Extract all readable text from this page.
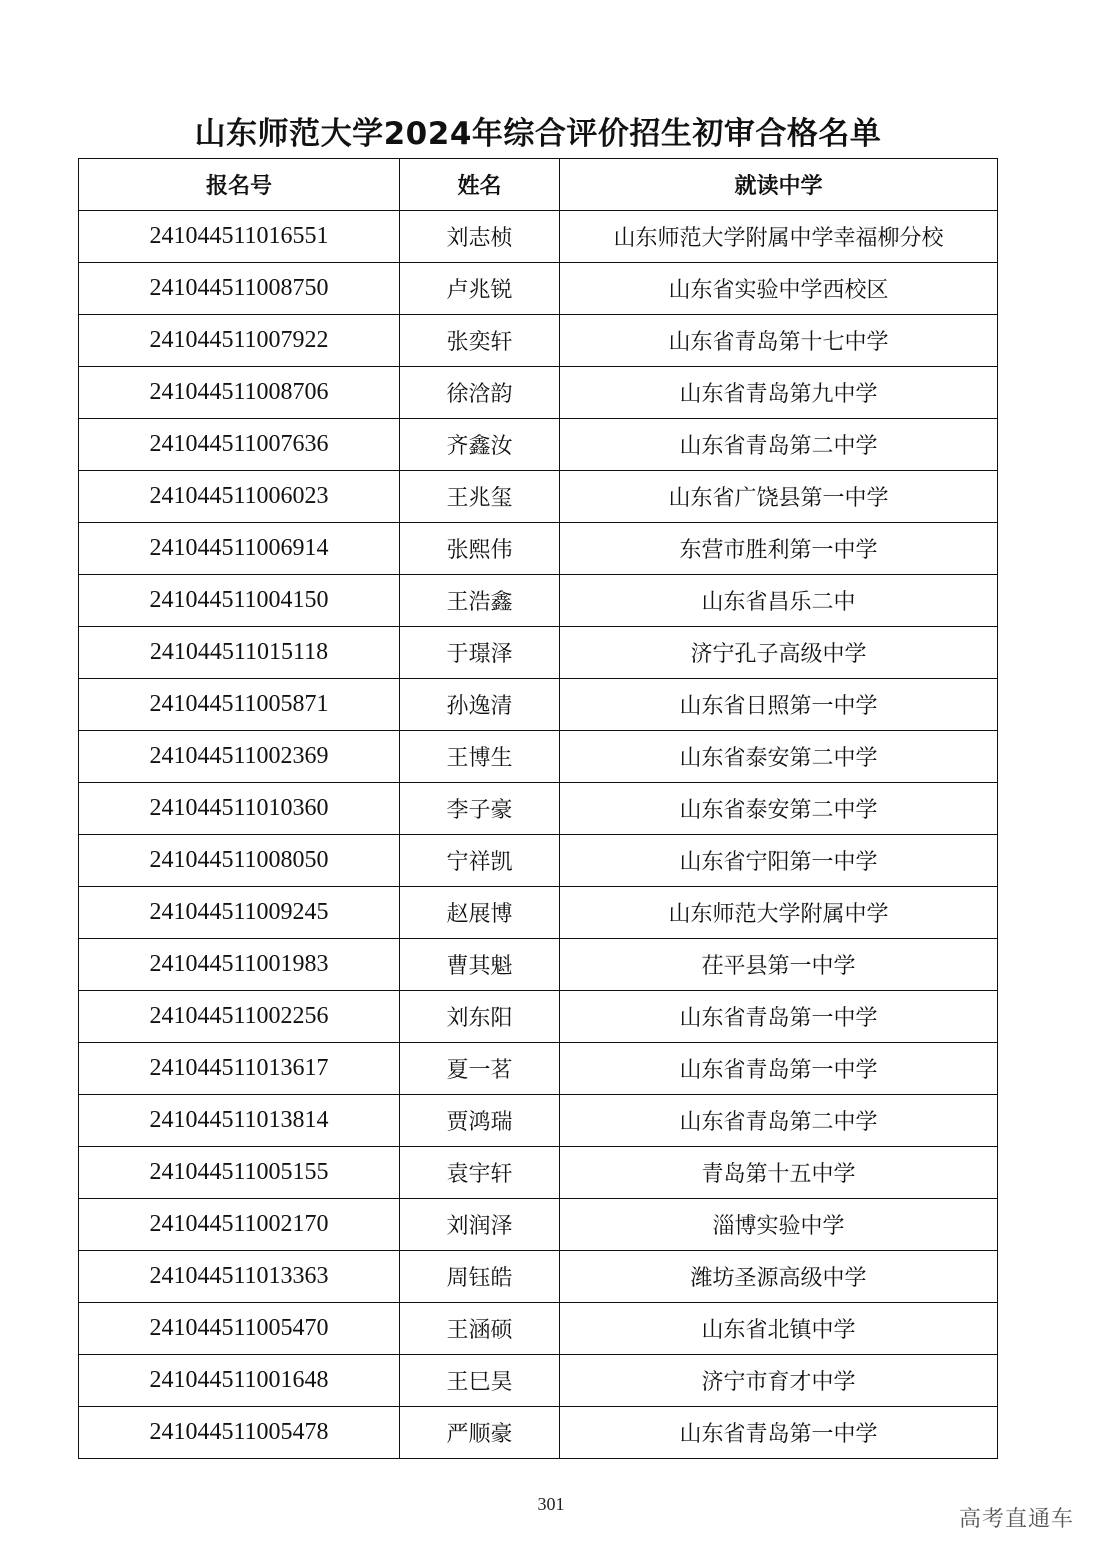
山东师范大学2024年综合评价招生初审合格名单
报名号	姓名	就读中学
241044511016551	刘志桢	山东师范大学附属中学幸福柳分校
241044511008750	卢兆锐	山东省实验中学西校区
241044511007922	张奕轩	山东省青岛第十七中学
241044511008706	徐浛韵	山东省青岛第九中学
241044511007636	齐鑫汝	山东省青岛第二中学
241044511006023	王兆玺	山东省广饶县第一中学
241044511006914	张熙伟	东营市胜利第一中学
241044511004150	王浩鑫	山东省昌乐二中
241044511015118	于璟泽	济宁孔子高级中学
241044511005871	孙逸清	山东省日照第一中学
241044511002369	王博生	山东省泰安第二中学
241044511010360	李子豪	山东省泰安第二中学
241044511008050	宁祥凯	山东省宁阳第一中学
241044511009245	赵展博	山东师范大学附属中学
241044511001983	曹其魁	茌平县第一中学
241044511002256	刘东阳	山东省青岛第一中学
241044511013617	夏一茗	山东省青岛第一中学
241044511013814	贾鸿瑞	山东省青岛第二中学
241044511005155	袁宇轩	青岛第十五中学
241044511002170	刘润泽	淄博实验中学
241044511013363	周钰皓	潍坊圣源高级中学
241044511005470	王涵硕	山东省北镇中学
241044511001648	王巳昊	济宁市育才中学
241044511005478	严顺豪	山东省青岛第一中学
301
高考直通车
